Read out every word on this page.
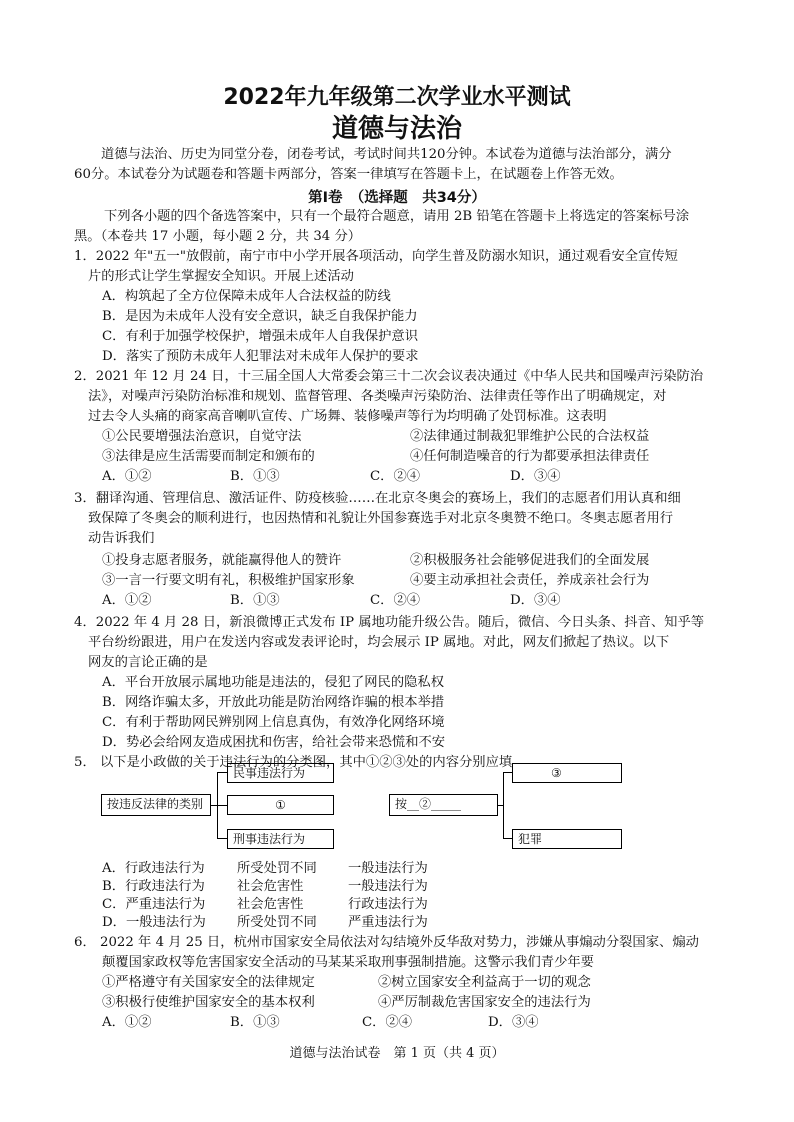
2022年九年级第二次学业水平测试
道德与法治
道德与法治、历史为同堂分卷，闭卷考试，考试时间共120分钟。本试卷为道德与法治部分，满分
60分。本试卷分为试题卷和答题卡两部分，答案一律填写在答题卡上，在试题卷上作答无效。
第Ⅰ卷　（选择题　共34分）
下列各小题的四个备选答案中，只有一个最符合题意，请用 2B 铅笔在答题卡上将选定的答案标号涂
黑。（本卷共 17 小题，每小题 2 分，共 34 分）
1．2022 年"五一"放假前，南宁市中小学开展各项活动，向学生普及防溺水知识，通过观看安全宣传短
片的形式让学生掌握安全知识。开展上述活动
A．构筑起了全方位保障未成年人合法权益的防线
B．是因为未成年人没有安全意识，缺乏自我保护能力
C．有利于加强学校保护，增强未成年人自我保护意识
D．落实了预防未成年人犯罪法对未成年人保护的要求
2．2021 年 12 月 24 日，十三届全国人大常委会第三十二次会议表决通过《中华人民共和国噪声污染防治
法》，对噪声污染防治标准和规划、监督管理、各类噪声污染防治、法律责任等作出了明确规定，对
过去令人头痛的商家高音喇叭宣传、广场舞、装修噪声等行为均明确了处罚标准。这表明
①公民要增强法治意识，自觉守法	②法律通过制裁犯罪维护公民的合法权益
③法律是应生活需要而制定和颁布的	④任何制造噪音的行为都要承担法律责任
A．①②	B．①③	C．②④	D．③④
3．翻译沟通、管理信息、激活证件、防疫核验……在北京冬奥会的赛场上，我们的志愿者们用认真和细
致保障了冬奥会的顺利进行，也因热情和礼貌让外国参赛选手对北京冬奥赞不绝口。冬奥志愿者用行
动告诉我们
①投身志愿者服务，就能赢得他人的赞许	②积极服务社会能够促进我们的全面发展
③一言一行要文明有礼，积极维护国家形象	④要主动承担社会责任，养成亲社会行为
A．①②	B．①③	C．②④	D．③④
4．2022 年 4 月 28 日，新浪微博正式发布 IP 属地功能升级公告。随后，微信、今日头条、抖音、知乎等
平台纷纷跟进，用户在发送内容或发表评论时，均会展示 IP 属地。对此，网友们掀起了热议。以下
网友的言论正确的是
A．平台开放展示属地功能是违法的，侵犯了网民的隐私权
B．网络诈骗太多，开放此功能是防治网络诈骗的根本举措
C．有利于帮助网民辨别网上信息真伪，有效净化网络环境
D．势必会给网友造成困扰和伤害，给社会带来恐慌和不安
5． 以下是小政做的关于违法行为的分类图，其中①②③处的内容分别应填
按违反法律的类别
民事违法行为
①
刑事违法行为
按__②_____
③
犯罪
A．行政违法行为 所受处罚不同 一般违法行为
B．行政违法行为 社会危害性	一般违法行为
C．严重违法行为 社会危害性	行政违法行为
D．一般违法行为 所受处罚不同 严重违法行为
6． 2022 年 4 月 25 日，杭州市国家安全局依法对勾结境外反华敌对势力，涉嫌从事煽动分裂国家、煽动
颠覆国家政权等危害国家安全活动的马某某采取刑事强制措施。这警示我们青少年要
①严格遵守有关国家安全的法律规定	②树立国家安全利益高于一切的观念
③积极行使维护国家安全的基本权利	④严厉制裁危害国家安全的违法行为
A．①②	B．①③	C．②④	D．③④
道德与法治试卷　第 1 页（共 4 页）
